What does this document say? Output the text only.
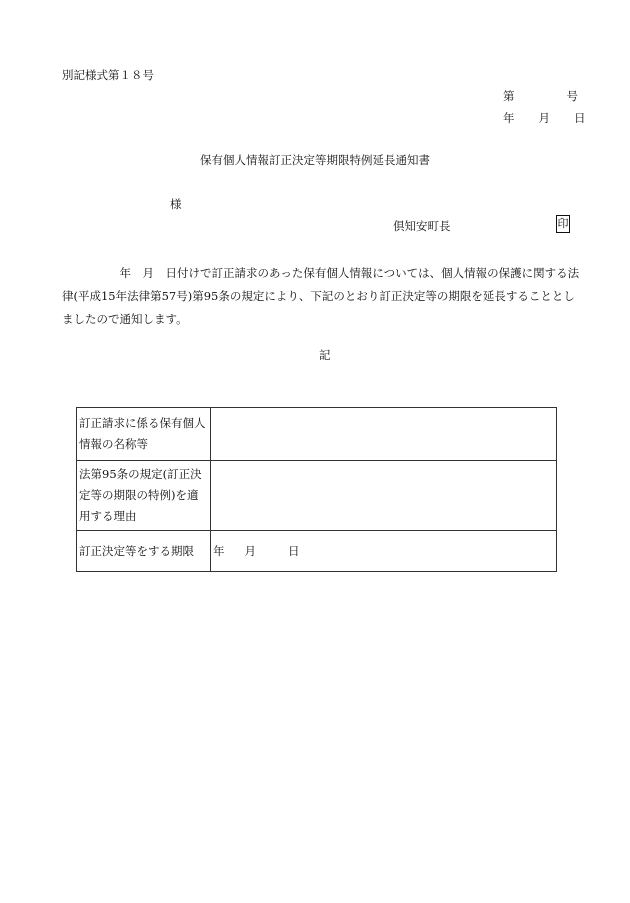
別記様式第１８号
第	号
年 月 日
保有個人情報訂正決定等期限特例延長通知書
様
倶知安町長	印

　　　　　年　月　日付けで訂正請求のあった保有個人情報については、個人情報の保護に関する法

律(平成15年法律第57号)第95条の規定により、下記のとおり訂正決定等の期限を延長することとし

ましたので通知します。

記
訂正請求に係る保有個人
情報の名称等	

法第95条の規定(訂正決
定等の期限の特例)を適
用する理由	

訂正決定等をする期限	年 月 日
